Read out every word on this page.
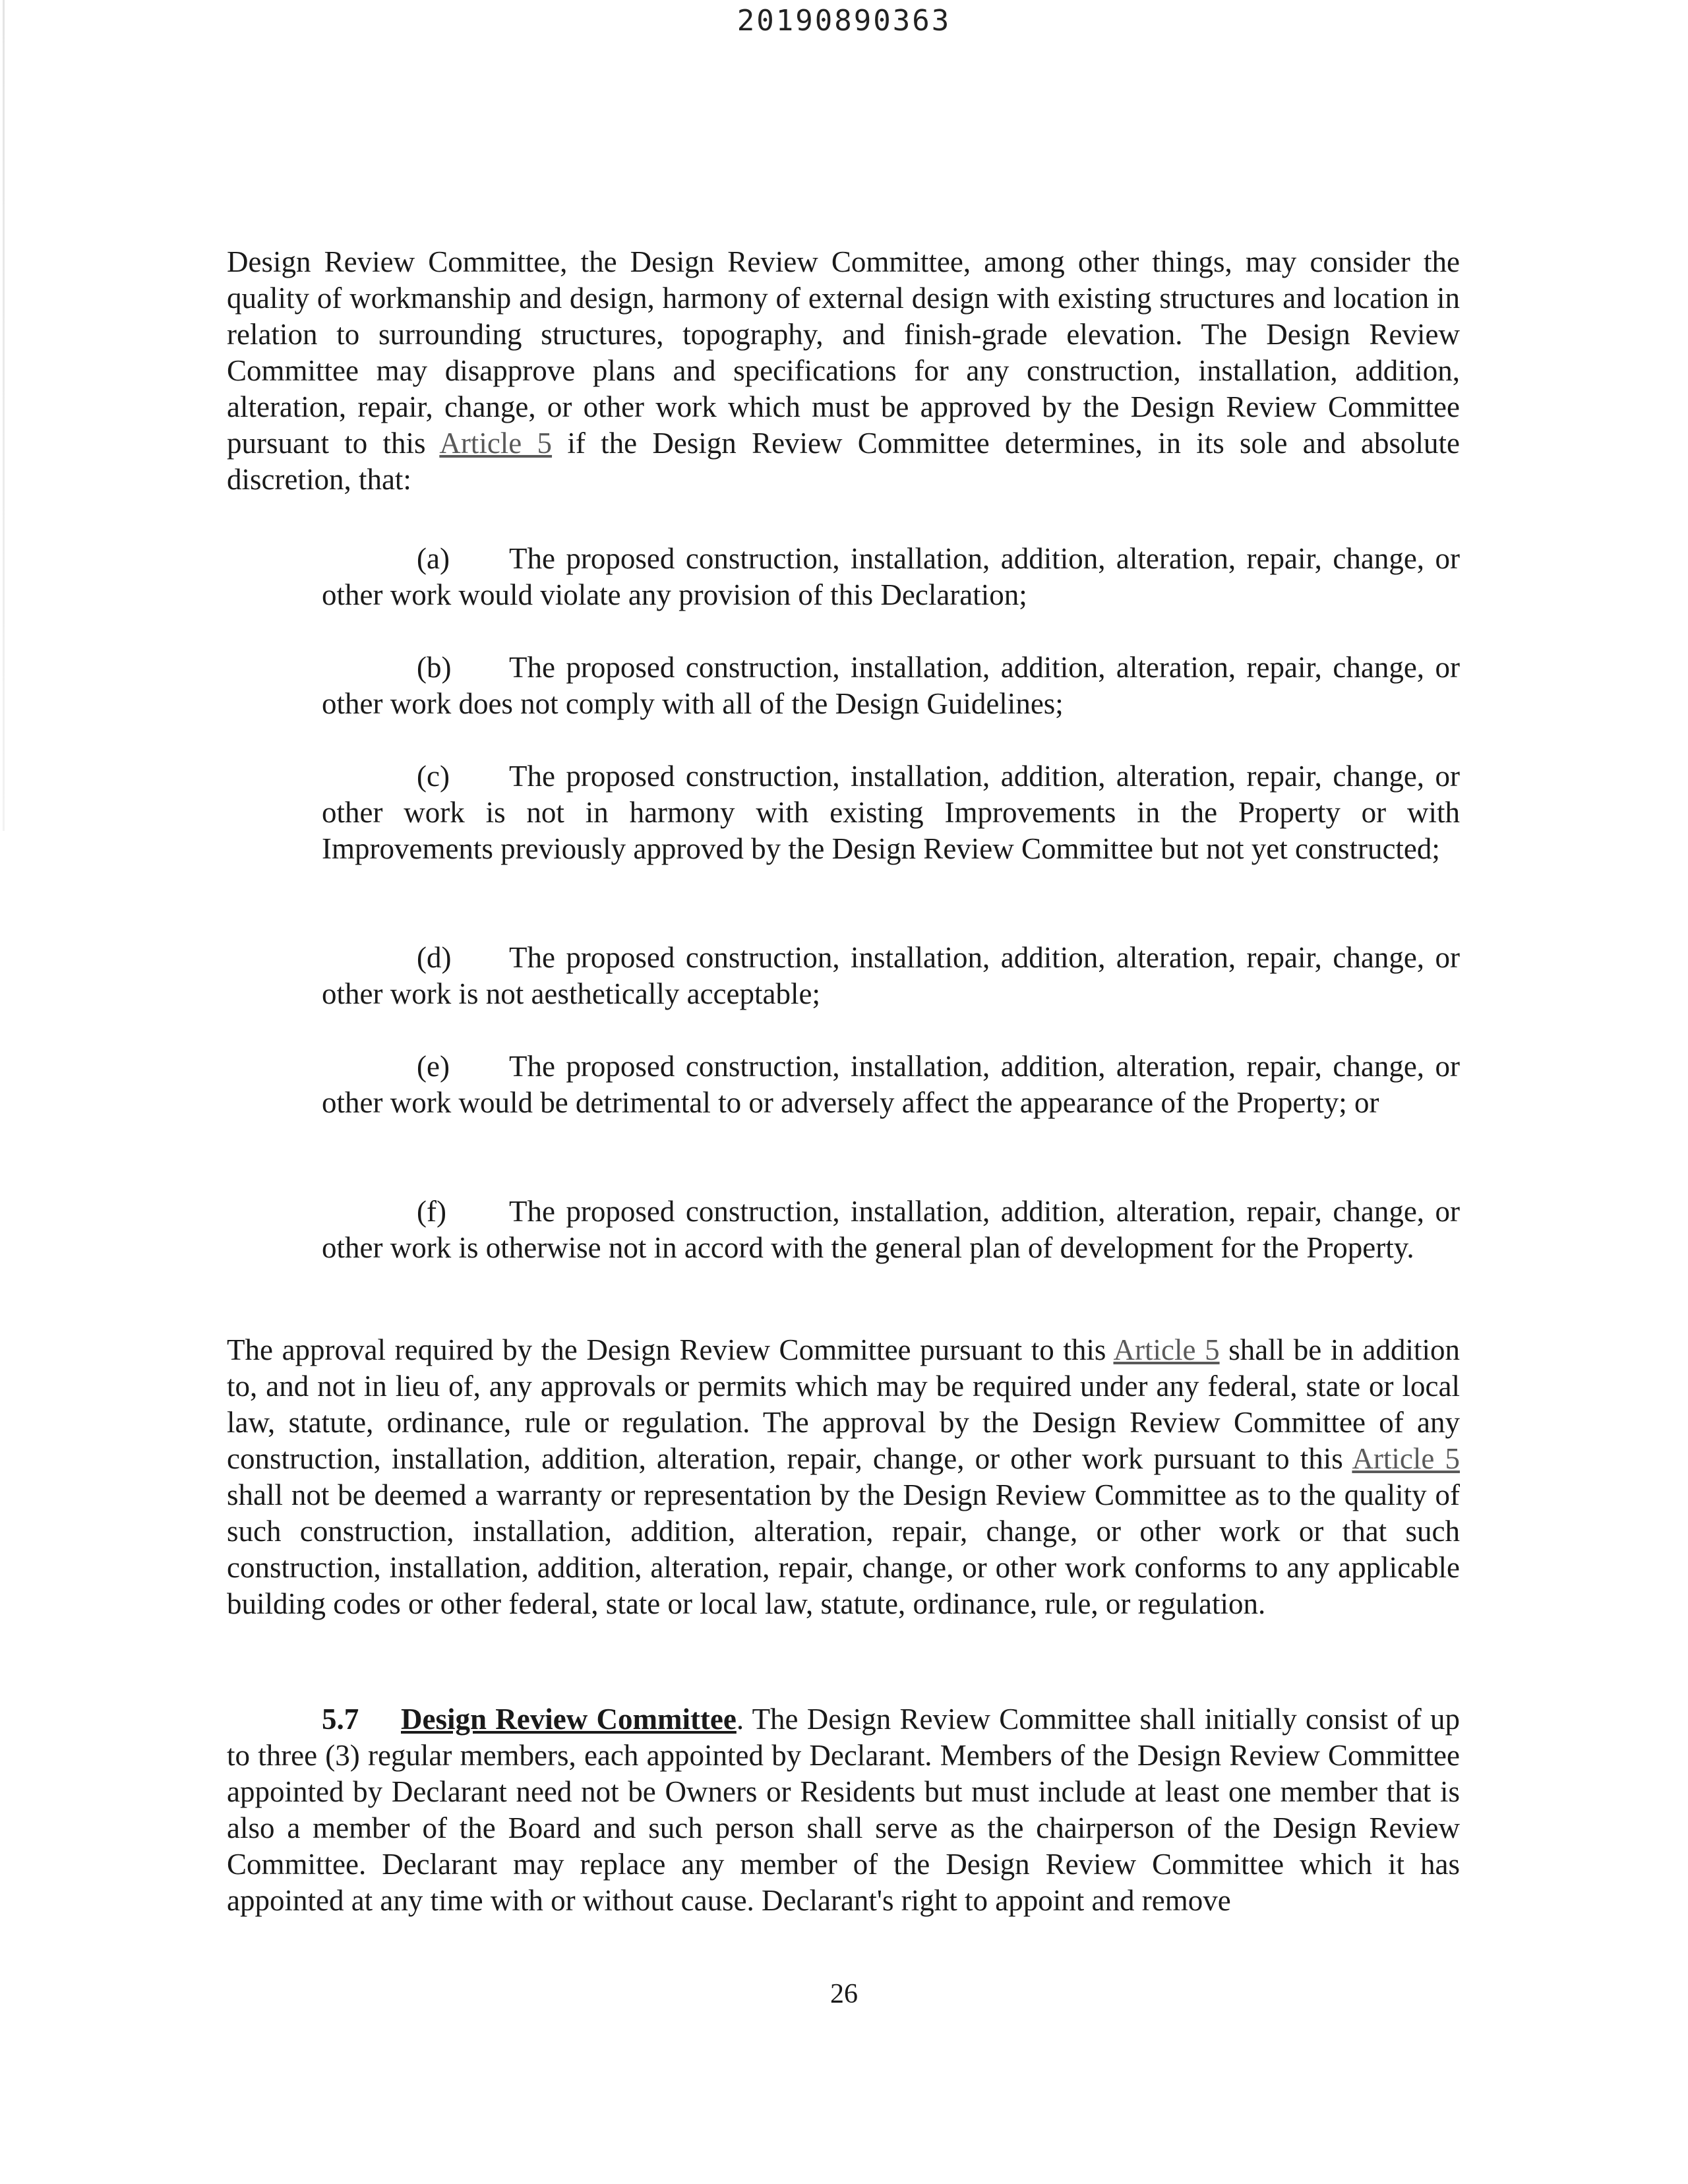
20190890363

Design Review Committee, the Design Review Committee, among other things, may consider the quality of workmanship and design, harmony of external design with existing structures and location in relation to surrounding structures, topography, and finish-grade elevation. The Design Review Committee may disapprove plans and specifications for any construction, installation, addition, alteration, repair, change, or other work which must be approved by the Design Review Committee pursuant to this Article 5 if the Design Review Committee determines, in its sole and absolute discretion, that:

(a) The proposed construction, installation, addition, alteration, repair, change, or other work would violate any provision of this Declaration;

(b) The proposed construction, installation, addition, alteration, repair, change, or other work does not comply with all of the Design Guidelines;

(c) The proposed construction, installation, addition, alteration, repair, change, or other work is not in harmony with existing Improvements in the Property or with Improvements previously approved by the Design Review Committee but not yet constructed;

(d) The proposed construction, installation, addition, alteration, repair, change, or other work is not aesthetically acceptable;

(e) The proposed construction, installation, addition, alteration, repair, change, or other work would be detrimental to or adversely affect the appearance of the Property; or

(f) The proposed construction, installation, addition, alteration, repair, change, or other work is otherwise not in accord with the general plan of development for the Property.

The approval required by the Design Review Committee pursuant to this Article 5 shall be in addition to, and not in lieu of, any approvals or permits which may be required under any federal, state or local law, statute, ordinance, rule or regulation. The approval by the Design Review Committee of any construction, installation, addition, alteration, repair, change, or other work pursuant to this Article 5 shall not be deemed a warranty or representation by the Design Review Committee as to the quality of such construction, installation, addition, alteration, repair, change, or other work or that such construction, installation, addition, alteration, repair, change, or other work conforms to any applicable building codes or other federal, state or local law, statute, ordinance, rule, or regulation.

5.7 Design Review Committee. The Design Review Committee shall initially consist of up to three (3) regular members, each appointed by Declarant. Members of the Design Review Committee appointed by Declarant need not be Owners or Residents but must include at least one member that is also a member of the Board and such person shall serve as the chairperson of the Design Review Committee. Declarant may replace any member of the Design Review Committee which it has appointed at any time with or without cause. Declarant's right to appoint and remove

26
